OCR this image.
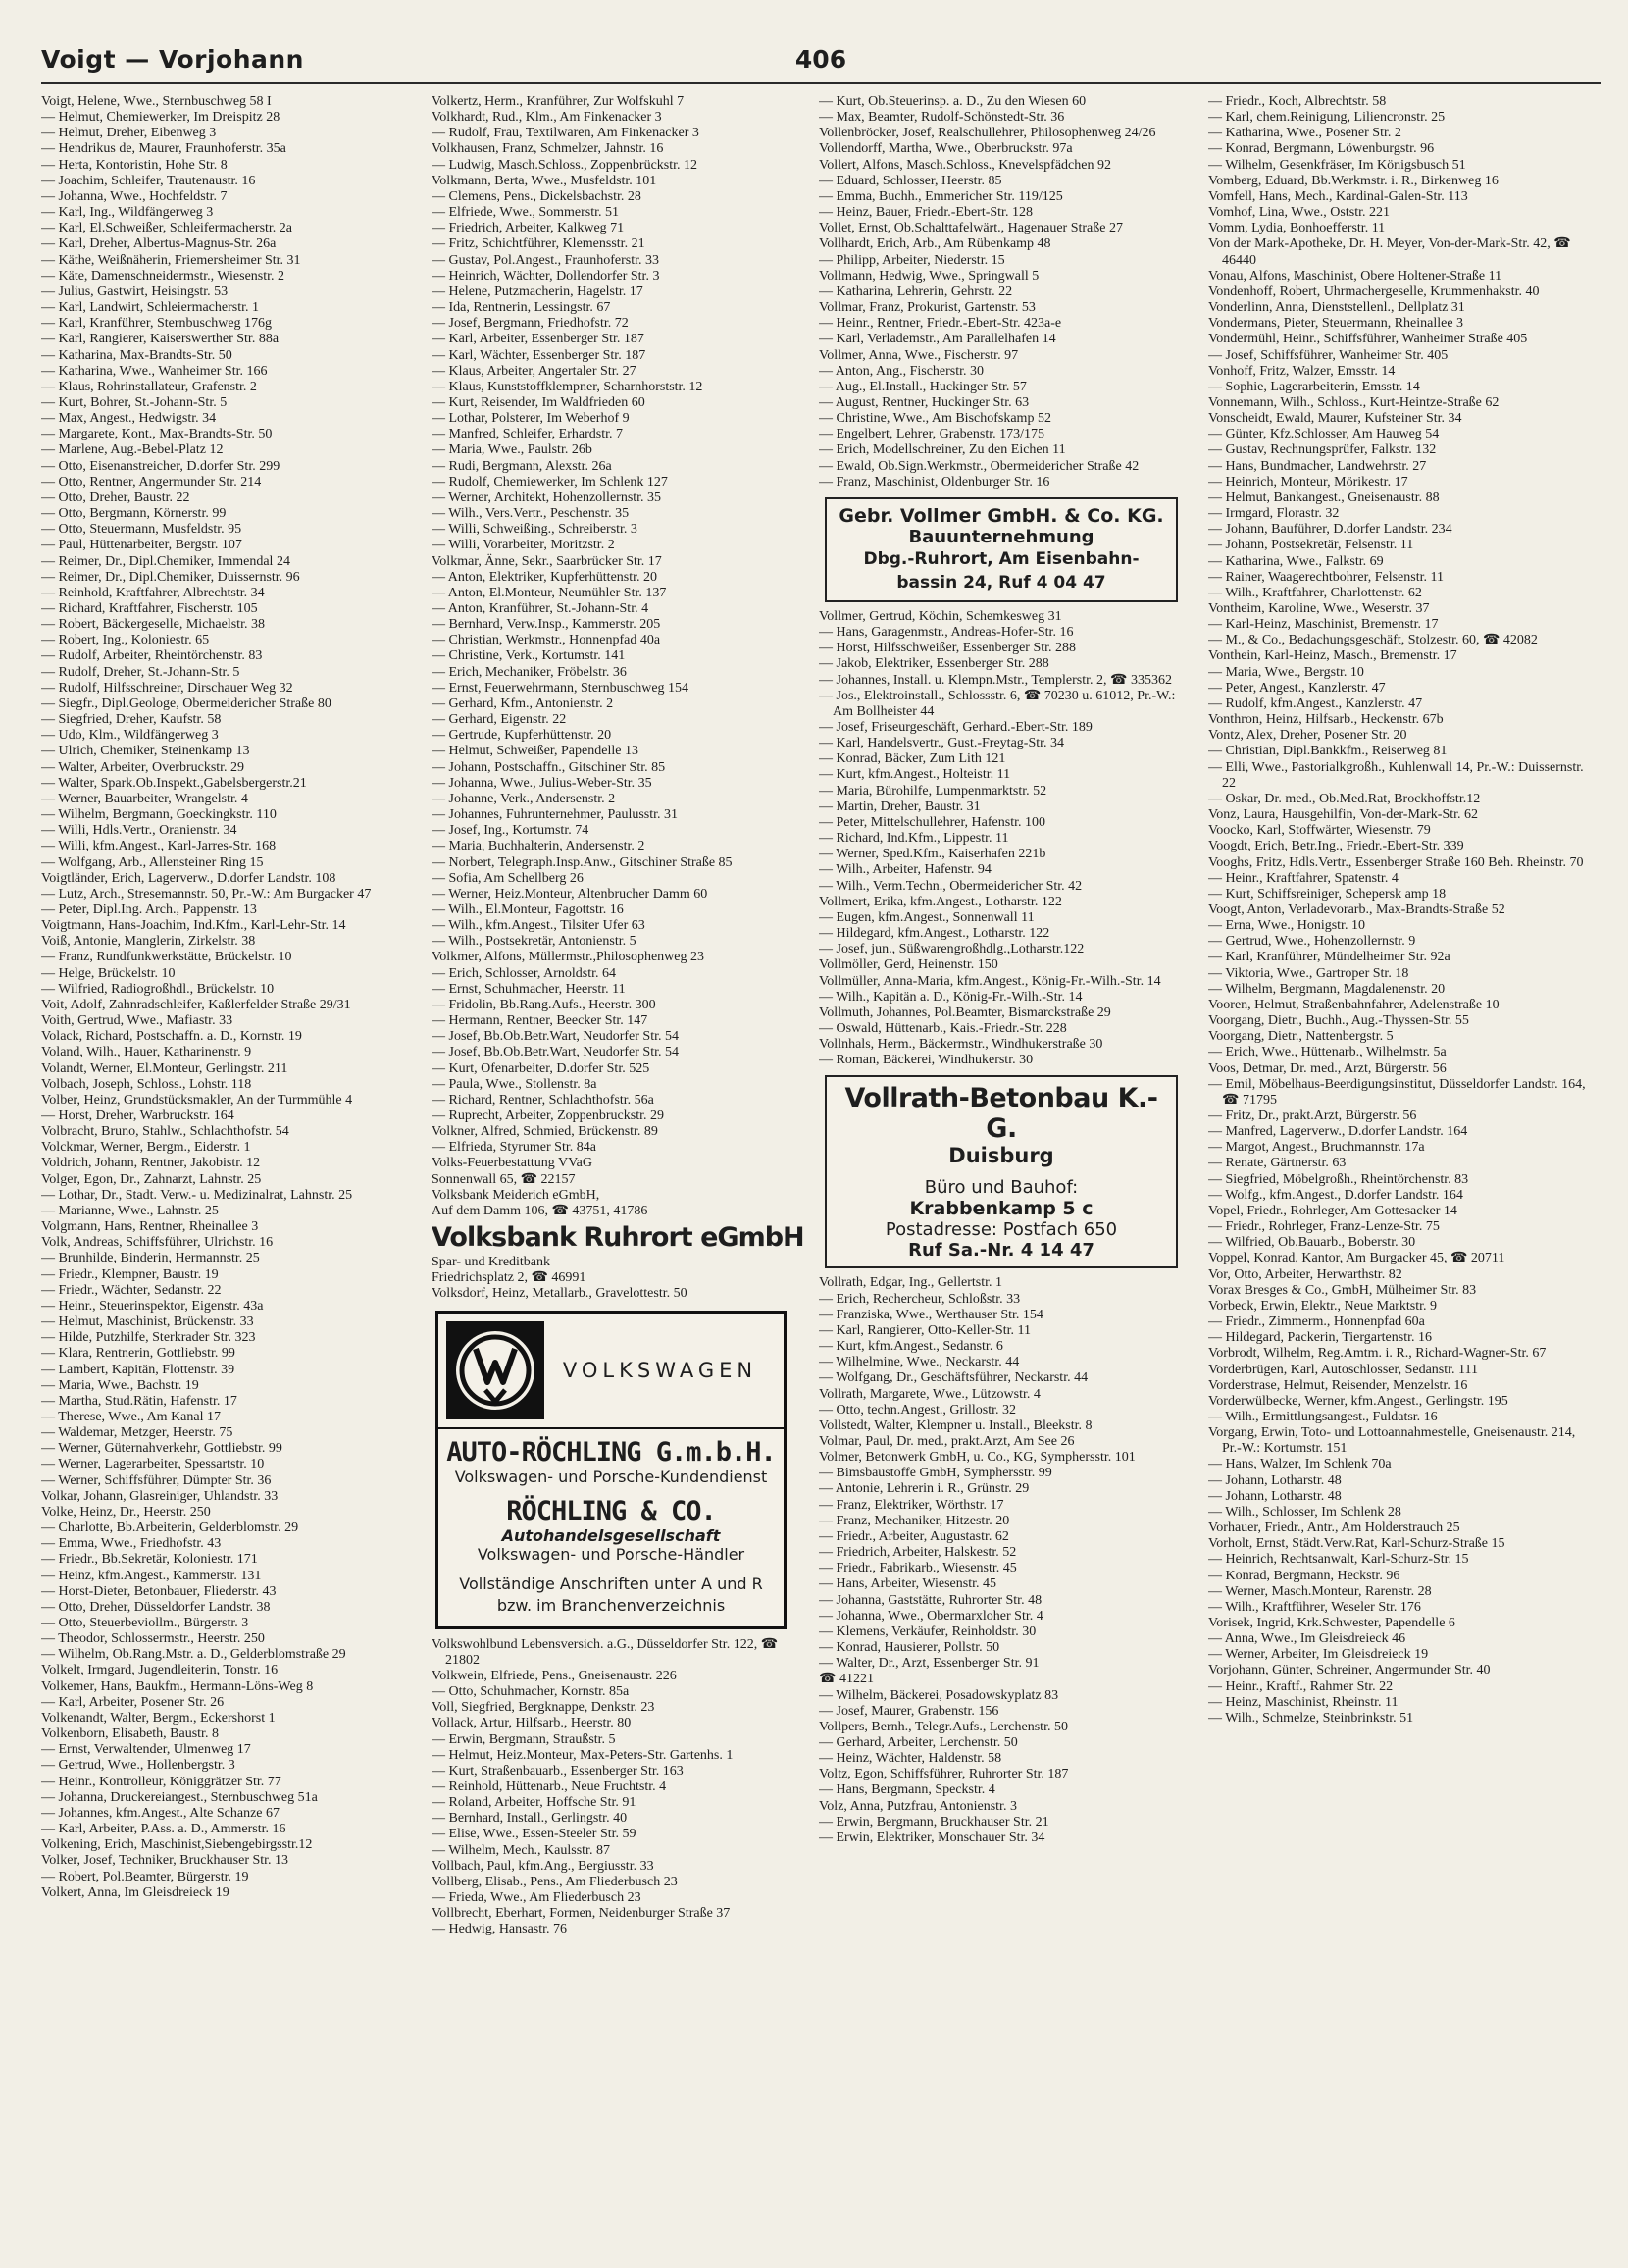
Voigt — Vorjohann	406
Voigt, Helene, Wwe., Sternbuschweg 58 I
— Helmut, Chemiewerker, Im Dreispitz 28
— Helmut, Dreher, Eibenweg 3
— Hendrikus de, Maurer, Fraunhoferstr. 35a
— Herta, Kontoristin, Hohe Str. 8
— Joachim, Schleifer, Trautenaustr. 16
— Johanna, Wwe., Hochfeldstr. 7
— Karl, Ing., Wildfängerweg 3
— Karl, El.Schweißer, Schleifermacherstr. 2a
— Karl, Dreher, Albertus-Magnus-Str. 26a
— Käthe, Weißnäherin, Friemersheimer Str. 31
— Käte, Damenschneidermstr., Wiesenstr. 2
— Julius, Gastwirt, Heisingstr. 53
— Karl, Landwirt, Schleiermacherstr. 1
— Karl, Kranführer, Sternbuschweg 176g
— Karl, Rangierer, Kaiserswerther Str. 88a
— Katharina, Max-Brandts-Str. 50
— Katharina, Wwe., Wanheimer Str. 166
— Klaus, Rohrinstallateur, Grafenstr. 2
— Kurt, Bohrer, St.-Johann-Str. 5
— Max, Angest., Hedwigstr. 34
— Margarete, Kont., Max-Brandts-Str. 50
— Marlene, Aug.-Bebel-Platz 12
— Otto, Eisenanstreicher, D.dorfer Str. 299
— Otto, Rentner, Angermunder Str. 214
— Otto, Dreher, Baustr. 22
— Otto, Bergmann, Körnerstr. 99
— Otto, Steuermann, Musfeldstr. 95
— Paul, Hüttenarbeiter, Bergstr. 107
— Reimer, Dr., Dipl.Chemiker, Immendal 24
— Reimer, Dr., Dipl.Chemiker, Duissernstr. 96
— Reinhold, Kraftfahrer, Albrechtstr. 34
— Richard, Kraftfahrer, Fischerstr. 105
— Robert, Bäckergeselle, Michaelstr. 38
— Robert, Ing., Koloniestr. 65
— Rudolf, Arbeiter, Rheintörchenstr. 83
— Rudolf, Dreher, St.-Johann-Str. 5
— Rudolf, Hilfsschreiner, Dirschauer Weg 32
— Siegfr., Dipl.Geologe, Obermeidericher Straße 80
— Siegfried, Dreher, Kaufstr. 58
— Udo, Klm., Wildfängerweg 3
— Ulrich, Chemiker, Steinenkamp 13
— Walter, Arbeiter, Overbruckstr. 29
— Walter, Spark.Ob.Inspekt.,Gabelsbergerstr.21
— Werner, Bauarbeiter, Wrangelstr. 4
— Wilhelm, Bergmann, Goeckingkstr. 110
— Willi, Hdls.Vertr., Oranienstr. 34
— Willi, kfm.Angest., Karl-Jarres-Str. 168
— Wolfgang, Arb., Allensteiner Ring 15
Voigtländer, Erich, Lagerverw., D.dorfer Landstr. 108
— Lutz, Arch., Stresemannstr. 50, Pr.-W.: Am Burgacker 47
— Peter, Dipl.Ing. Arch., Pappenstr. 13
Voigtmann, Hans-Joachim, Ind.Kfm., Karl-Lehr-Str. 14
Voiß, Antonie, Manglerin, Zirkelstr. 38
— Franz, Rundfunkwerkstätte, Brückelstr. 10
— Helge, Brückelstr. 10
— Wilfried, Radiogroßhdl., Brückelstr. 10
Voit, Adolf, Zahnradschleifer, Kaßlerfelder Straße 29/31
Voith, Gertrud, Wwe., Mafiastr. 33
Volack, Richard, Postschaffn. a. D., Kornstr. 19
Voland, Wilh., Hauer, Katharinenstr. 9
Volandt, Werner, El.Monteur, Gerlingstr. 211
Volbach, Joseph, Schloss., Lohstr. 118
Volber, Heinz, Grundstücksmakler, An der Turmmühle 4
— Horst, Dreher, Warbruckstr. 164
Volbracht, Bruno, Stahlw., Schlachthofstr. 54
Volckmar, Werner, Bergm., Eiderstr. 1
Voldrich, Johann, Rentner, Jakobistr. 12
Volger, Egon, Dr., Zahnarzt, Lahnstr. 25
— Lothar, Dr., Stadt. Verw.- u. Medizinalrat, Lahnstr. 25
— Marianne, Wwe., Lahnstr. 25
Volgmann, Hans, Rentner, Rheinallee 3
Volk, Andreas, Schiffsführer, Ulrichstr. 16
— Brunhilde, Binderin, Hermannstr. 25
— Friedr., Klempner, Baustr. 19
— Friedr., Wächter, Sedanstr. 22
— Heinr., Steuerinspektor, Eigenstr. 43a
— Helmut, Maschinist, Brückenstr. 33
— Hilde, Putzhilfe, Sterkrader Str. 323
— Klara, Rentnerin, Gottliebstr. 99
— Lambert, Kapitän, Flottenstr. 39
— Maria, Wwe., Bachstr. 19
— Martha, Stud.Rätin, Hafenstr. 17
— Therese, Wwe., Am Kanal 17
— Waldemar, Metzger, Heerstr. 75
— Werner, Güternahverkehr, Gottliebstr. 99
— Werner, Lagerarbeiter, Spessartstr. 10
— Werner, Schiffsführer, Dümpter Str. 36
Volkar, Johann, Glasreiniger, Uhlandstr. 33
Volke, Heinz, Dr., Heerstr. 250
— Charlotte, Bb.Arbeiterin, Gelderblomstr. 29
— Emma, Wwe., Friedhofstr. 43
— Friedr., Bb.Sekretär, Koloniestr. 171
— Heinz, kfm.Angest., Kammerstr. 131
— Horst-Dieter, Betonbauer, Fliederstr. 43
— Otto, Dreher, Düsseldorfer Landstr. 38
— Otto, Steuerbeviollm., Bürgerstr. 3
— Theodor, Schlossermstr., Heerstr. 250
— Wilhelm, Ob.Rang.Mstr. a. D., Gelderblomstraße 29
Volkelt, Irmgard, Jugendleiterin, Tonstr. 16
Volkemer, Hans, Baukfm., Hermann-Löns-Weg 8
— Karl, Arbeiter, Posener Str. 26
Volkenandt, Walter, Bergm., Eckershorst 1
Volkenborn, Elisabeth, Baustr. 8
— Ernst, Verwaltender, Ulmenweg 17
— Gertrud, Wwe., Hollenbergstr. 3
— Heinr., Kontrolleur, Königgrätzer Str. 77
— Johanna, Druckereiangest., Sternbuschweg 51a
— Johannes, kfm.Angest., Alte Schanze 67
— Karl, Arbeiter, P.Ass. a. D., Ammerstr. 16
Volkening, Erich, Maschinist,Siebengebirgsstr.12
Volker, Josef, Techniker, Bruckhauser Str. 13
— Robert, Pol.Beamter, Bürgerstr. 19
Volkert, Anna, Im Gleisdreieck 19
Volkertz, Herm., Kranführer, Zur Wolfskuhl 7
Volkhardt, Rud., Klm., Am Finkenacker 3
— Rudolf, Frau, Textilwaren, Am Finkenacker 3
Volkhausen, Franz, Schmelzer, Jahnstr. 16
— Ludwig, Masch.Schloss., Zoppenbrückstr. 12
Volkmann, Berta, Wwe., Musfeldstr. 101
— Clemens, Pens., Dickelsbachstr. 28
— Elfriede, Wwe., Sommerstr. 51
— Friedrich, Arbeiter, Kalkweg 71
— Fritz, Schichtführer, Klemensstr. 21
— Gustav, Pol.Angest., Fraunhoferstr. 33
— Heinrich, Wächter, Dollendorfer Str. 3
— Helene, Putzmacherin, Hagelstr. 17
— Ida, Rentnerin, Lessingstr. 67
— Josef, Bergmann, Friedhofstr. 72
— Karl, Arbeiter, Essenberger Str. 187
— Karl, Wächter, Essenberger Str. 187
— Klaus, Arbeiter, Angertaler Str. 27
— Klaus, Kunststoffklempner, Scharnhorststr. 12
— Kurt, Reisender, Im Waldfrieden 60
— Lothar, Polsterer, Im Weberhof 9
— Manfred, Schleifer, Erhardstr. 7
— Maria, Wwe., Paulstr. 26b
— Rudi, Bergmann, Alexstr. 26a
— Rudolf, Chemiewerker, Im Schlenk 127
— Werner, Architekt, Hohenzollernstr. 35
— Wilh., Vers.Vertr., Peschenstr. 35
— Willi, Schweißing., Schreiberstr. 3
— Willi, Vorarbeiter, Moritzstr. 2
Volkmar, Änne, Sekr., Saarbrücker Str. 17
— Anton, Elektriker, Kupferhüttenstr. 20
— Anton, El.Monteur, Neumühler Str. 137
— Anton, Kranführer, St.-Johann-Str. 4
— Bernhard, Verw.Insp., Kammerstr. 205
— Christian, Werkmstr., Honnenpfad 40a
— Christine, Verk., Kortumstr. 141
— Erich, Mechaniker, Fröbelstr. 36
— Ernst, Feuerwehrmann, Sternbuschweg 154
— Gerhard, Kfm., Antonienstr. 2
— Gerhard, Eigenstr. 22
— Gertrude, Kupferhüttenstr. 20
— Helmut, Schweißer, Papendelle 13
— Johann, Postschaffn., Gitschiner Str. 85
— Johanna, Wwe., Julius-Weber-Str. 35
— Johanne, Verk., Andersenstr. 2
— Johannes, Fuhrunternehmer, Paulusstr. 31
— Josef, Ing., Kortumstr. 74
— Maria, Buchhalterin, Andersenstr. 2
— Norbert, Telegraph.Insp.Anw., Gitschiner Straße 85
— Sofia, Am Schellberg 26
— Werner, Heiz.Monteur, Altenbrucher Damm 60
— Wilh., El.Monteur, Fagottstr. 16
— Wilh., kfm.Angest., Tilsiter Ufer 63
— Wilh., Postsekretär, Antonienstr. 5
Volkmer, Alfons, Müllermstr.,Philosophenweg 23
— Erich, Schlosser, Arnoldstr. 64
— Ernst, Schuhmacher, Heerstr. 11
— Fridolin, Bb.Rang.Aufs., Heerstr. 300
— Hermann, Rentner, Beecker Str. 147
— Josef, Bb.Ob.Betr.Wart, Neudorfer Str. 54
— Josef, Bb.Ob.Betr.Wart, Neudorfer Str. 54
— Kurt, Ofenarbeiter, D.dorfer Str. 525
— Paula, Wwe., Stollenstr. 8a
— Richard, Rentner, Schlachthofstr. 56a
— Ruprecht, Arbeiter, Zoppenbruckstr. 29
Volkner, Alfred, Schmied, Brückenstr. 89
— Elfrieda, Styrumer Str. 84a
Volks-Feuerbestattung VVaG
Sonnenwall 65, ☎ 22157
Volksbank Meiderich eGmbH,
Auf dem Damm 106, ☎ 43751, 41786
Volksbank Ruhrort eGmbH
Spar- und Kreditbank
Friedrichsplatz 2, ☎ 46991
Volksdorf, Heinz, Metallarb., Gravelottestr. 50
VOLKSWAGEN
AUTO-RÖCHLING G.m.b.H.
Volkswagen- und Porsche-Kundendienst
RÖCHLING & CO.
Autohandelsgesellschaft
Volkswagen- und Porsche-Händler
Vollständige Anschriften unter A und R bzw. im Branchenverzeichnis
Volkswohlbund Lebensversich. a.G., Düsseldorfer Str. 122, ☎ 21802
Volkwein, Elfriede, Pens., Gneisenaustr. 226
— Otto, Schuhmacher, Kornstr. 85a
Voll, Siegfried, Bergknappe, Denkstr. 23
Vollack, Artur, Hilfsarb., Heerstr. 80
— Erwin, Bergmann, Straußstr. 5
— Helmut, Heiz.Monteur, Max-Peters-Str. Gartenhs. 1
— Kurt, Straßenbauarb., Essenberger Str. 163
— Reinhold, Hüttenarb., Neue Fruchtstr. 4
— Roland, Arbeiter, Hoffsche Str. 91
— Bernhard, Install., Gerlingstr. 40
— Elise, Wwe., Essen-Steeler Str. 59
— Wilhelm, Mech., Kaulsstr. 87
Vollbach, Paul, kfm.Ang., Bergiusstr. 33
Vollberg, Elisab., Pens., Am Fliederbusch 23
— Frieda, Wwe., Am Fliederbusch 23
Vollbrecht, Eberhart, Formen, Neidenburger Straße 37
— Hedwig, Hansastr. 76
— Kurt, Ob.Steuerinsp. a. D., Zu den Wiesen 60
— Max, Beamter, Rudolf-Schönstedt-Str. 36
Vollenbröcker, Josef, Realschullehrer, Philosophenweg 24/26
Vollendorff, Martha, Wwe., Oberbruckstr. 97a
Vollert, Alfons, Masch.Schloss., Knevelspfädchen 92
— Eduard, Schlosser, Heerstr. 85
— Emma, Buchh., Emmericher Str. 119/125
— Heinz, Bauer, Friedr.-Ebert-Str. 128
Vollet, Ernst, Ob.Schalttafelwärt., Hagenauer Straße 27
Vollhardt, Erich, Arb., Am Rübenkamp 48
— Philipp, Arbeiter, Niederstr. 15
Vollmann, Hedwig, Wwe., Springwall 5
— Katharina, Lehrerin, Gehrstr. 22
Vollmar, Franz, Prokurist, Gartenstr. 53
— Heinr., Rentner, Friedr.-Ebert-Str. 423a-e
— Karl, Verlademstr., Am Parallelhafen 14
Vollmer, Anna, Wwe., Fischerstr. 97
— Anton, Ang., Fischerstr. 30
— Aug., El.Install., Huckinger Str. 57
— August, Rentner, Huckinger Str. 63
— Christine, Wwe., Am Bischofskamp 52
— Engelbert, Lehrer, Grabenstr. 173/175
— Erich, Modellschreiner, Zu den Eichen 11
— Ewald, Ob.Sign.Werkmstr., Obermeidericher Straße 42
— Franz, Maschinist, Oldenburger Str. 16
Gebr. Vollmer GmbH. & Co. KG.
Bauunternehmung
Dbg.-Ruhrort, Am Eisenbahn-
bassin 24, Ruf 4 04 47
Vollmer, Gertrud, Köchin, Schemkesweg 31
— Hans, Garagenmstr., Andreas-Hofer-Str. 16
— Horst, Hilfsschweißer, Essenberger Str. 288
— Jakob, Elektriker, Essenberger Str. 288
— Johannes, Install. u. Klempn.Mstr., Templerstr. 2, ☎ 335362
— Jos., Elektroinstall., Schlossstr. 6, ☎ 70230 u. 61012, Pr.-W.: Am Bollheister 44
— Josef, Friseurgeschäft, Gerhard.-Ebert-Str. 189
— Karl, Handelsvertr., Gust.-Freytag-Str. 34
— Konrad, Bäcker, Zum Lith 121
— Kurt, kfm.Angest., Holteistr. 11
— Maria, Bürohilfe, Lumpenmarktstr. 52
— Martin, Dreher, Baustr. 31
— Peter, Mittelschullehrer, Hafenstr. 100
— Richard, Ind.Kfm., Lippestr. 11
— Werner, Sped.Kfm., Kaiserhafen 221b
— Wilh., Arbeiter, Hafenstr. 94
— Wilh., Verm.Techn., Obermeidericher Str. 42
Vollmert, Erika, kfm.Angest., Lotharstr. 122
— Eugen, kfm.Angest., Sonnenwall 11
— Hildegard, kfm.Angest., Lotharstr. 122
— Josef, jun., Süßwarengroßhdlg.,Lotharstr.122
Vollmöller, Gerd, Heinenstr. 150
Vollmüller, Anna-Maria, kfm.Angest., König-Fr.-Wilh.-Str. 14
— Wilh., Kapitän a. D., König-Fr.-Wilh.-Str. 14
Vollmuth, Johannes, Pol.Beamter, Bismarckstraße 29
— Oswald, Hüttenarb., Kais.-Friedr.-Str. 228
Vollnhals, Herm., Bäckermstr., Windhukerstraße 30
— Roman, Bäckerei, Windhukerstr. 30
Vollrath-Betonbau K.-G.
Duisburg
Büro und Bauhof:
Krabbenkamp 5 c
Postadresse: Postfach 650
Ruf Sa.-Nr. 4 14 47
Vollrath, Edgar, Ing., Gellertstr. 1
— Erich, Rechercheur, Schloßstr. 33
— Franziska, Wwe., Werthauser Str. 154
— Karl, Rangierer, Otto-Keller-Str. 11
— Kurt, kfm.Angest., Sedanstr. 6
— Wilhelmine, Wwe., Neckarstr. 44
— Wolfgang, Dr., Geschäftsführer, Neckarstr. 44
Vollrath, Margarete, Wwe., Lützowstr. 4
— Otto, techn.Angest., Grillostr. 32
Vollstedt, Walter, Klempner u. Install., Bleekstr. 8
Volmar, Paul, Dr. med., prakt.Arzt, Am See 26
Volmer, Betonwerk GmbH, u. Co., KG, Symphersstr. 101
— Bimsbaustoffe GmbH, Symphersstr. 99
— Antonie, Lehrerin i. R., Grünstr. 29
— Franz, Elektriker, Wörthstr. 17
— Franz, Mechaniker, Hitzestr. 20
— Friedr., Arbeiter, Augustastr. 62
— Friedrich, Arbeiter, Halskestr. 52
— Friedr., Fabrikarb., Wiesenstr. 45
— Hans, Arbeiter, Wiesenstr. 45
— Johanna, Gaststätte, Ruhrorter Str. 48
— Johanna, Wwe., Obermarxloher Str. 4
— Klemens, Verkäufer, Reinholdstr. 30
— Konrad, Hausierer, Pollstr. 50
— Walter, Dr., Arzt, Essenberger Str. 91
☎ 41221
— Wilhelm, Bäckerei, Posadowskyplatz 83
— Josef, Maurer, Grabenstr. 156
Vollpers, Bernh., Telegr.Aufs., Lerchenstr. 50
— Gerhard, Arbeiter, Lerchenstr. 50
— Heinz, Wächter, Haldenstr. 58
Voltz, Egon, Schiffsführer, Ruhrorter Str. 187
— Hans, Bergmann, Speckstr. 4
Volz, Anna, Putzfrau, Antonienstr. 3
— Erwin, Bergmann, Bruckhauser Str. 21
— Erwin, Elektriker, Monschauer Str. 34
— Friedr., Koch, Albrechtstr. 58
— Karl, chem.Reinigung, Liliencronstr. 25
— Katharina, Wwe., Posener Str. 2
— Konrad, Bergmann, Löwenburgstr. 96
— Wilhelm, Gesenkfräser, Im Königsbusch 51
Vomberg, Eduard, Bb.Werkmstr. i. R., Birkenweg 16
Vomfell, Hans, Mech., Kardinal-Galen-Str. 113
Vomhof, Lina, Wwe., Oststr. 221
Vomm, Lydia, Bonhoefferstr. 11
Von der Mark-Apotheke, Dr. H. Meyer, Von-der-Mark-Str. 42, ☎ 46440
Vonau, Alfons, Maschinist, Obere Holtener-Straße 11
Vondenhoff, Robert, Uhrmachergeselle, Krummenhakstr. 40
Vonderlinn, Anna, Dienststellenl., Dellplatz 31
Vondermans, Pieter, Steuermann, Rheinallee 3
Vondermühl, Heinr., Schiffsführer, Wanheimer Straße 405
— Josef, Schiffsführer, Wanheimer Str. 405
Vonhoff, Fritz, Walzer, Emsstr. 14
— Sophie, Lagerarbeiterin, Emsstr. 14
Vonnemann, Wilh., Schloss., Kurt-Heintze-Straße 62
Vonscheidt, Ewald, Maurer, Kufsteiner Str. 34
— Günter, Kfz.Schlosser, Am Hauweg 54
— Gustav, Rechnungsprüfer, Falkstr. 132
— Hans, Bundmacher, Landwehrstr. 27
— Heinrich, Monteur, Mörikestr. 17
— Helmut, Bankangest., Gneisenaustr. 88
— Irmgard, Florastr. 32
— Johann, Bauführer, D.dorfer Landstr. 234
— Johann, Postsekretär, Felsenstr. 11
— Katharina, Wwe., Falkstr. 69
— Rainer, Waagerechtbohrer, Felsenstr. 11
— Wilh., Kraftfahrer, Charlottenstr. 62
Vontheim, Karoline, Wwe., Weserstr. 37
— Karl-Heinz, Maschinist, Bremenstr. 17
— M., & Co., Bedachungsgeschäft, Stolzestr. 60, ☎ 42082
Vonthein, Karl-Heinz, Masch., Bremenstr. 17
— Maria, Wwe., Bergstr. 10
— Peter, Angest., Kanzlerstr. 47
— Rudolf, kfm.Angest., Kanzlerstr. 47
Vonthron, Heinz, Hilfsarb., Heckenstr. 67b
Vontz, Alex, Dreher, Posener Str. 20
— Christian, Dipl.Bankkfm., Reiserweg 81
— Elli, Wwe., Pastorialkgroßh., Kuhlenwall 14, Pr.-W.: Duissernstr. 22
— Oskar, Dr. med., Ob.Med.Rat, Brockhoffstr.12
Vonz, Laura, Hausgehilfin, Von-der-Mark-Str. 62
Voocko, Karl, Stoffwärter, Wiesenstr. 79
Voogdt, Erich, Betr.Ing., Friedr.-Ebert-Str. 339
Vooghs, Fritz, Hdls.Vertr., Essenberger Straße 160 Beh. Rheinstr. 70
— Heinr., Kraftfahrer, Spatenstr. 4
— Kurt, Schiffsreiniger, Schepersk amp 18
Voogt, Anton, Verladevorarb., Max-Brandts-Straße 52
— Erna, Wwe., Honigstr. 10
— Gertrud, Wwe., Hohenzollernstr. 9
— Karl, Kranführer, Mündelheimer Str. 92a
— Viktoria, Wwe., Gartroper Str. 18
— Wilhelm, Bergmann, Magdalenenstr. 20
Vooren, Helmut, Straßenbahnfahrer, Adelenstraße 10
Voorgang, Dietr., Buchh., Aug.-Thyssen-Str. 55
Voorgang, Dietr., Nattenbergstr. 5
— Erich, Wwe., Hüttenarb., Wilhelmstr. 5a
Voos, Detmar, Dr. med., Arzt, Bürgerstr. 56
— Emil, Möbelhaus-Beerdigungsinstitut, Düsseldorfer Landstr. 164, ☎ 71795
— Fritz, Dr., prakt.Arzt, Bürgerstr. 56
— Manfred, Lagerverw., D.dorfer Landstr. 164
— Margot, Angest., Bruchmannstr. 17a
— Renate, Gärtnerstr. 63
— Siegfried, Möbelgroßh., Rheintörchenstr. 83
— Wolfg., kfm.Angest., D.dorfer Landstr. 164
Vopel, Friedr., Rohrleger, Am Gottesacker 14
— Friedr., Rohrleger, Franz-Lenze-Str. 75
— Wilfried, Ob.Bauarb., Boberstr. 30
Voppel, Konrad, Kantor, Am Burgacker 45, ☎ 20711
Vor, Otto, Arbeiter, Herwarthstr. 82
Vorax Bresges & Co., GmbH, Mülheimer Str. 83
Vorbeck, Erwin, Elektr., Neue Marktstr. 9
— Friedr., Zimmerm., Honnenpfad 60a
— Hildegard, Packerin, Tiergartenstr. 16
Vorbrodt, Wilhelm, Reg.Amtm. i. R., Richard-Wagner-Str. 67
Vorderbrügen, Karl, Autoschlosser, Sedanstr. 111
Vorderstrase, Helmut, Reisender, Menzelstr. 16
Vorderwülbecke, Werner, kfm.Angest., Gerlingstr. 195
— Wilh., Ermittlungsangest., Fuldatsr. 16
Vorgang, Erwin, Toto- und Lottoannahmestelle, Gneisenaustr. 214, Pr.-W.: Kortumstr. 151
— Hans, Walzer, Im Schlenk 70a
— Johann, Lotharstr. 48
— Johann, Lotharstr. 48
— Wilh., Schlosser, Im Schlenk 28
Vorhauer, Friedr., Antr., Am Holderstrauch 25
Vorholt, Ernst, Städt.Verw.Rat, Karl-Schurz-Straße 15
— Heinrich, Rechtsanwalt, Karl-Schurz-Str. 15
— Konrad, Bergmann, Heckstr. 96
— Werner, Masch.Monteur, Rarenstr. 28
— Wilh., Kraftführer, Weseler Str. 176
Vorisek, Ingrid, Krk.Schwester, Papendelle 6
— Anna, Wwe., Im Gleisdreieck 46
— Werner, Arbeiter, Im Gleisdreieck 19
Vorjohann, Günter, Schreiner, Angermunder Str. 40
— Heinr., Kraftf., Rahmer Str. 22
— Heinz, Maschinist, Rheinstr. 11
— Wilh., Schmelze, Steinbrinkstr. 51
